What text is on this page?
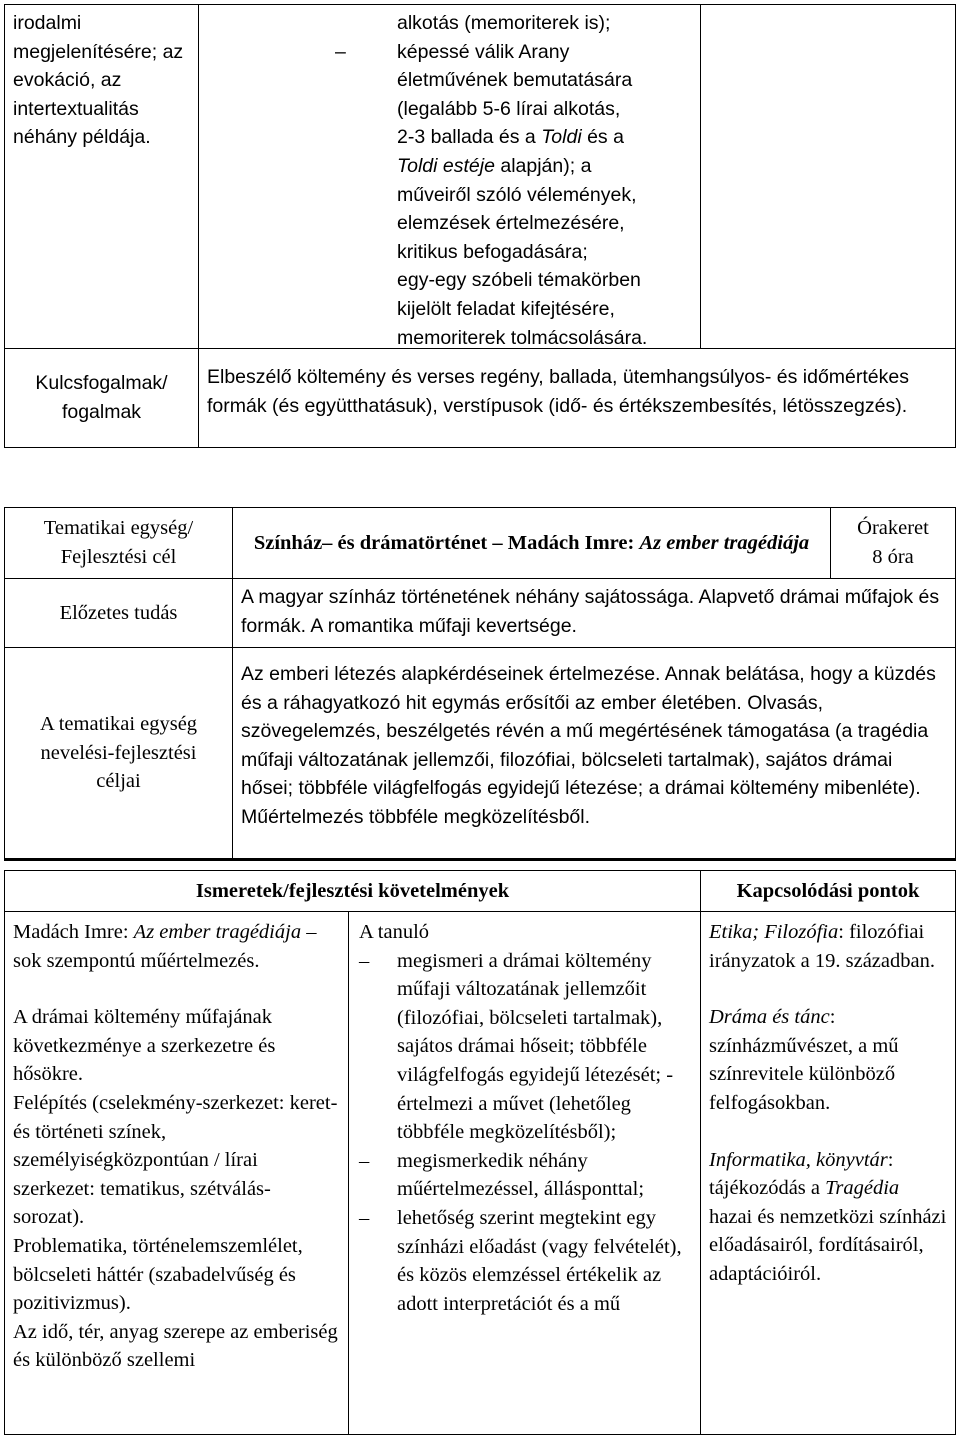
irodalmi megjelenítésére; az

evokáció, az intertextualitás

néhány példája.

alkotás (memoriterek is);

–	képessé válik Arany

életművének bemutatására

(legalább 5-6 lírai alkotás,

2-3 ballada és a Toldi és a

Toldi estéje alapján); a

műveiről szóló vélemények,

elemzések értelmezésére,

kritikus befogadására;

egy-egy szóbeli témakörben

kijelölt feladat kifejtésére,

memoriterek tolmácsolására.

Kulcsfogalmak/

fogalmak

Elbeszélő költemény és verses regény, ballada, ütemhangsúlyos- és időmértékes formák (és együtthatásuk), verstípusok (idő- és értékszembesítés, létösszegzés).

Tematikai egység/

Fejlesztési cél

Színház– és drámatörténet – Madách Imre: Az ember tragédiája

Órakeret

8 óra

Előzetes tudás

A magyar színház történetének néhány sajátossága. Alapvető drámai műfajok és formák. A romantika műfaji kevertsége.

A tematikai egység

nevelési-fejlesztési

céljai

Az emberi létezés alapkérdéseinek értelmezése. Annak belátása, hogy a küzdés és a ráhagyatkozó hit egymás erősítői az ember életében. Olvasás, szövegelemzés, beszélgetés révén a mű megértésének támogatása (a tragédia műfaji változatának jellemzői, filozófiai, bölcseleti tartalmak), sajátos drámai hősei; többféle világfelfogás egyidejű létezése; a drámai költemény mibenléte). Műértelmezés többféle megközelítésből.

Ismeretek/fejlesztési követelmények	Kapcsolódási pontok

Madách Imre: Az ember tragédiája – sok szempontú műértelmezés.

A drámai költemény műfajának következménye a szerkezetre és hősökre.

Felépítés (cselekmény-szerkezet: keret- és történeti színek, személyiségközpontúan / lírai szerkezet: tematikus, szétválás-sorozat).

Problematika, történelemszemlélet, bölcseleti háttér (szabadelvűség és pozitivizmus).

Az idő, tér, anyag szerepe az emberiség és különböző szellemi

A tanuló

– megismeri a drámai költemény műfaji változatának jellemzőit (filozófiai, bölcseleti tartalmak), sajátos drámai hőseit; többféle világfelfogás egyidejű létezését; - értelmezi a művet (lehetőleg többféle megközelítésből);
– megismerkedik néhány műértelmezéssel, állásponttal;
– lehetőség szerint megtekint egy színházi előadást (vagy felvételét), és közös elemzéssel értékelik az adott interpretációt és a mű

Etika; Filozófia: filozófiai irányzatok a 19. században.

Dráma és tánc: színházművészet, a mű színrevitele különböző felfogásokban.

Informatika, könyvtár: tájékozódás a Tragédia hazai és nemzetközi színházi előadásairól, fordításairól, adaptációiról.
